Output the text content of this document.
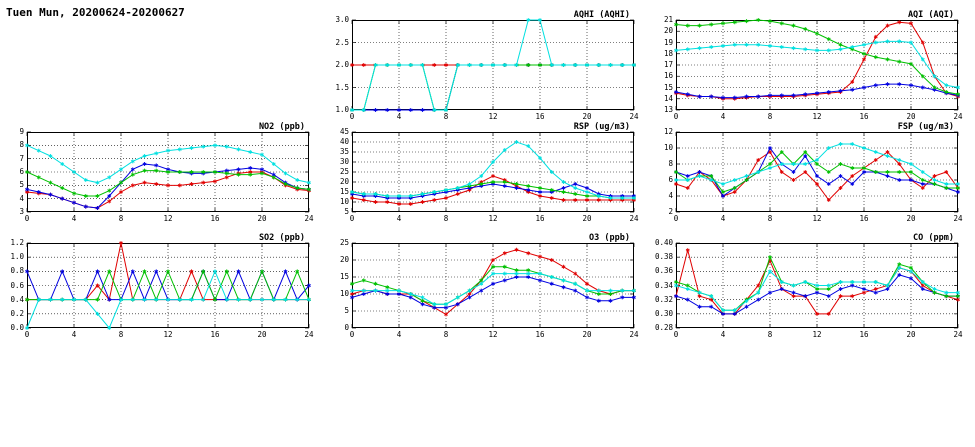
Tuen Mun, 20200624-20200627	AQHI (AQHI)
1.0
1.5
2.0
2.5
3.0
0	4	8	12	16	20	24
AQI (AQI)
13
14
15
16
17
18
19
20
21
0	4	8	12	16	20	24
NO2 (ppb)
3
4
5
6
7
8
9
0	4	8	12	16	20	24
RSP (ug/m3)
5
10
15
20
25
30
35
40
45
0	4	8	12	16	20	24
FSP (ug/m3)
2
4
6
8
10
12
0	4	8	12	16	20	24
SO2 (ppb)
0.0
0.2
0.4
0.6
0.8
1.0
1.2
0	4	8	12	16	20	24
O3 (ppb)
0
5
10
15
20
25
0	4	8	12	16	20	24
CO (ppm)
0.28
0.30
0.32
0.34
0.36
0.38
0.40
0	4	8	12	16	20	24
